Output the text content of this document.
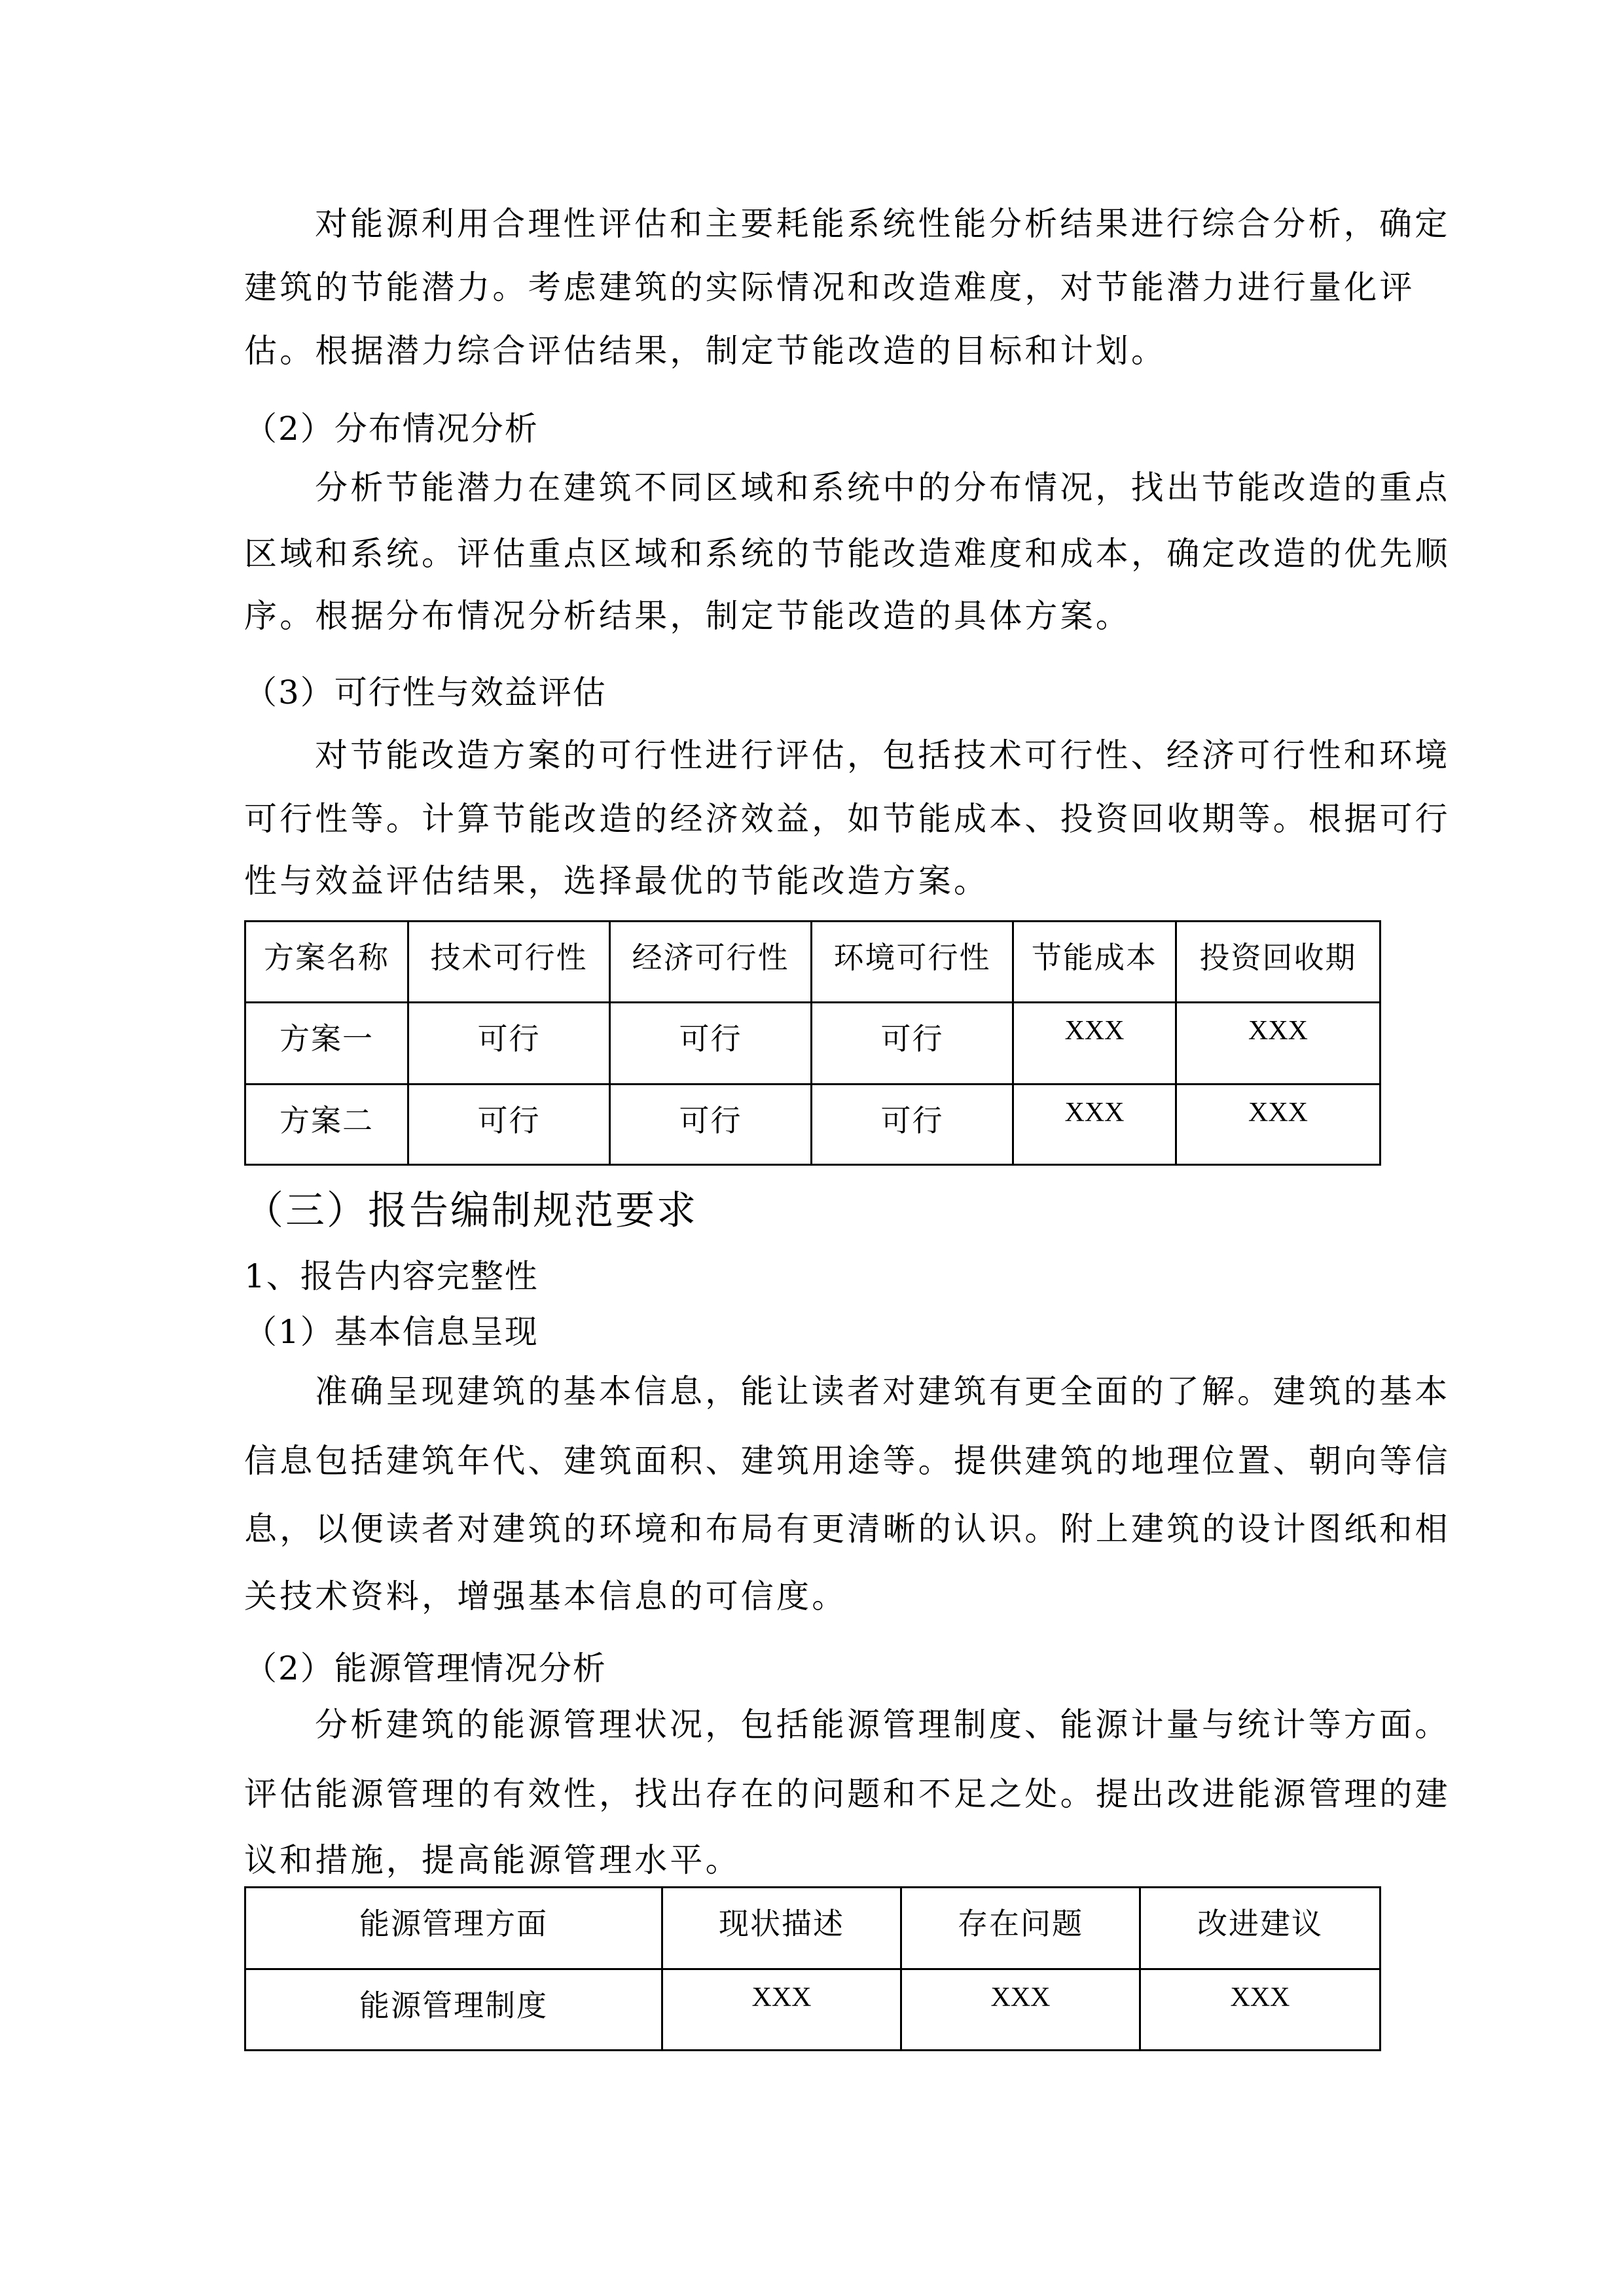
对能源利用合理性评估和主要耗能系统性能分析结果进行综合分析，确定
建筑的节能潜力。考虑建筑的实际情况和改造难度，对节能潜力进行量化评
估。根据潜力综合评估结果，制定节能改造的目标和计划。
（2）分布情况分析
分析节能潜力在建筑不同区域和系统中的分布情况，找出节能改造的重点
区域和系统。评估重点区域和系统的节能改造难度和成本，确定改造的优先顺
序。根据分布情况分析结果，制定节能改造的具体方案。
（3）可行性与效益评估
对节能改造方案的可行性进行评估，包括技术可行性、经济可行性和环境
可行性等。计算节能改造的经济效益，如节能成本、投资回收期等。根据可行
性与效益评估结果，选择最优的节能改造方案。
方案名称	技术可行性	经济可行性	环境可行性	节能成本	投资回收期
方案一	可行	可行	可行	XXX	XXX
方案二	可行	可行	可行	XXX	XXX
（三）报告编制规范要求
1、报告内容完整性
（1）基本信息呈现
准确呈现建筑的基本信息，能让读者对建筑有更全面的了解。建筑的基本
信息包括建筑年代、建筑面积、建筑用途等。提供建筑的地理位置、朝向等信
息，以便读者对建筑的环境和布局有更清晰的认识。附上建筑的设计图纸和相
关技术资料，增强基本信息的可信度。
（2）能源管理情况分析
分析建筑的能源管理状况，包括能源管理制度、能源计量与统计等方面。
评估能源管理的有效性，找出存在的问题和不足之处。提出改进能源管理的建
议和措施，提高能源管理水平。
能源管理方面	现状描述	存在问题	改进建议
能源管理制度	XXX	XXX	XXX
